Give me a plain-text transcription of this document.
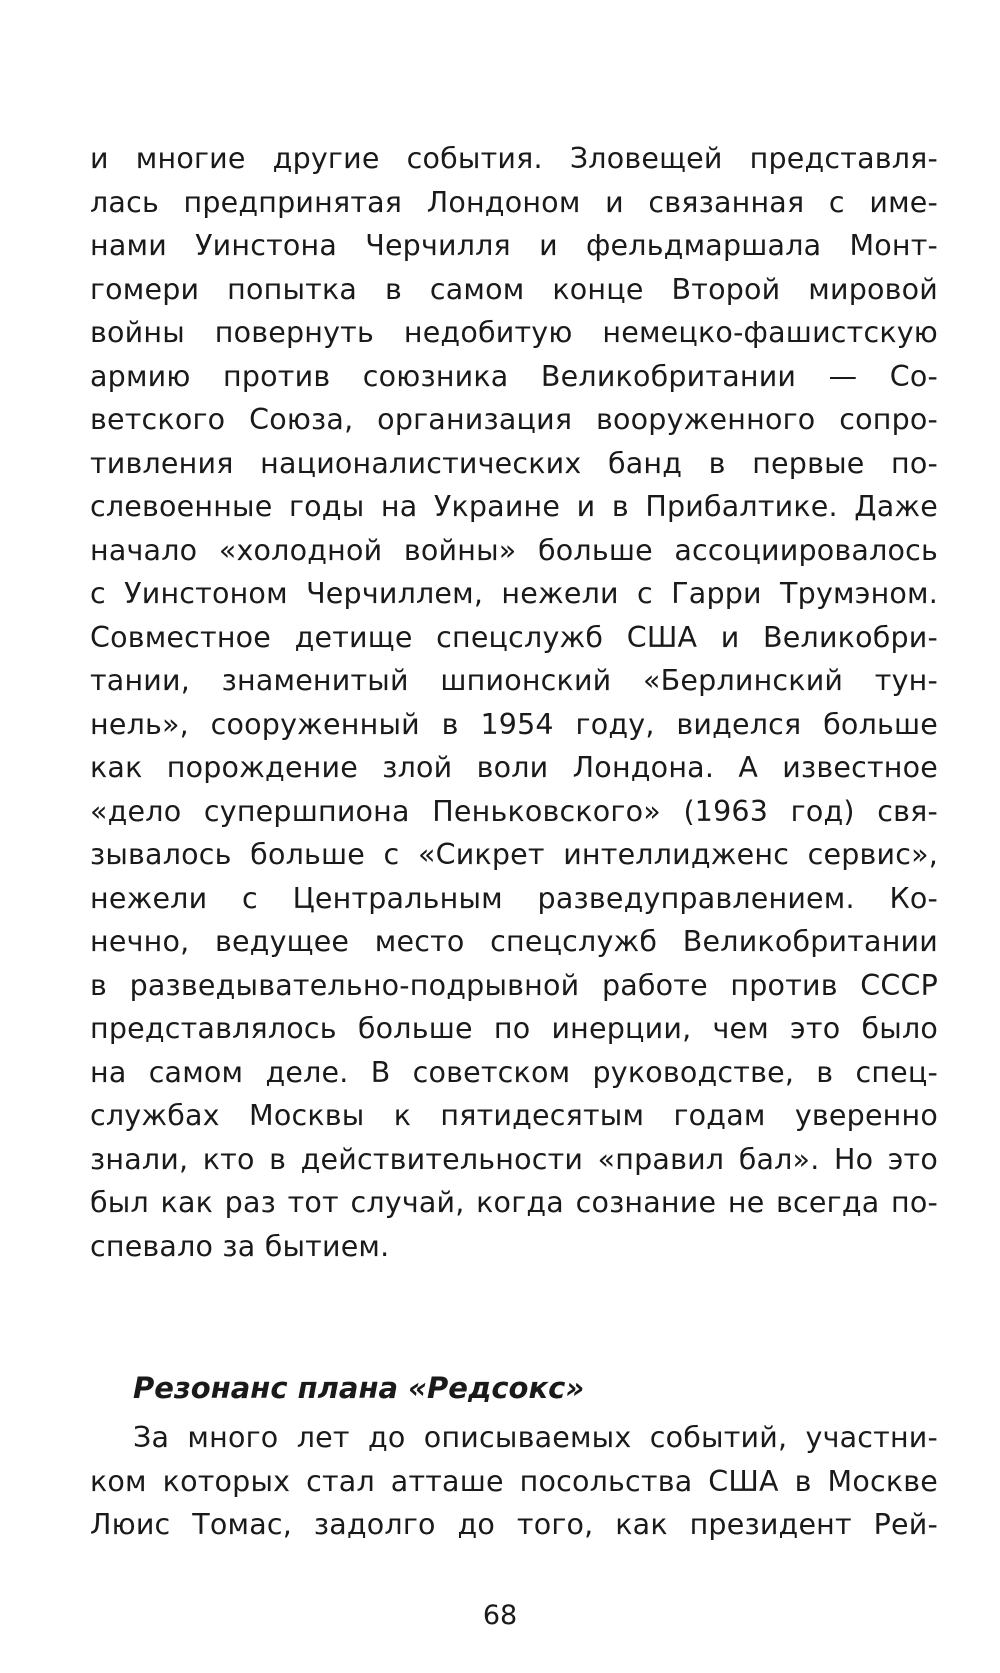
и многие другие события. Зловещей представля-
лась предпринятая Лондоном и связанная с име-
нами Уинстона Черчилля и фельдмаршала Монт-
гомери попытка в самом конце Второй мировой
войны повернуть недобитую немецко-фашистскую
армию против союзника Великобритании — Со-
ветского Союза, организация вооруженного сопро-
тивления националистических банд в первые по-
слевоенные годы на Украине и в Прибалтике. Даже
начало «холодной войны» больше ассоциировалось
с Уинстоном Черчиллем, нежели с Гарри Трумэном.
Совместное детище спецслужб США и Великобри-
тании, знаменитый шпионский «Берлинский тун-
нель», сооруженный в 1954 году, виделся больше
как порождение злой воли Лондона. А известное
«дело супершпиона Пеньковского» (1963 год) свя-
зывалось больше с «Сикрет интеллидженс сервис»,
нежели с Центральным разведуправлением. Ко-
нечно, ведущее место спецслужб Великобритании
в разведывательно-подрывной работе против СССР
представлялось больше по инерции, чем это было
на самом деле. В советском руководстве, в спец-
службах Москвы к пятидесятым годам уверенно
знали, кто в действительности «правил бал». Но это
был как раз тот случай, когда сознание не всегда по-
спевало за бытием.
Резонанс плана «Редсокс»
За много лет до описываемых событий, участни-
ком которых стал атташе посольства США в Москве
Люис Томас, задолго до того, как президент Рей-
68
